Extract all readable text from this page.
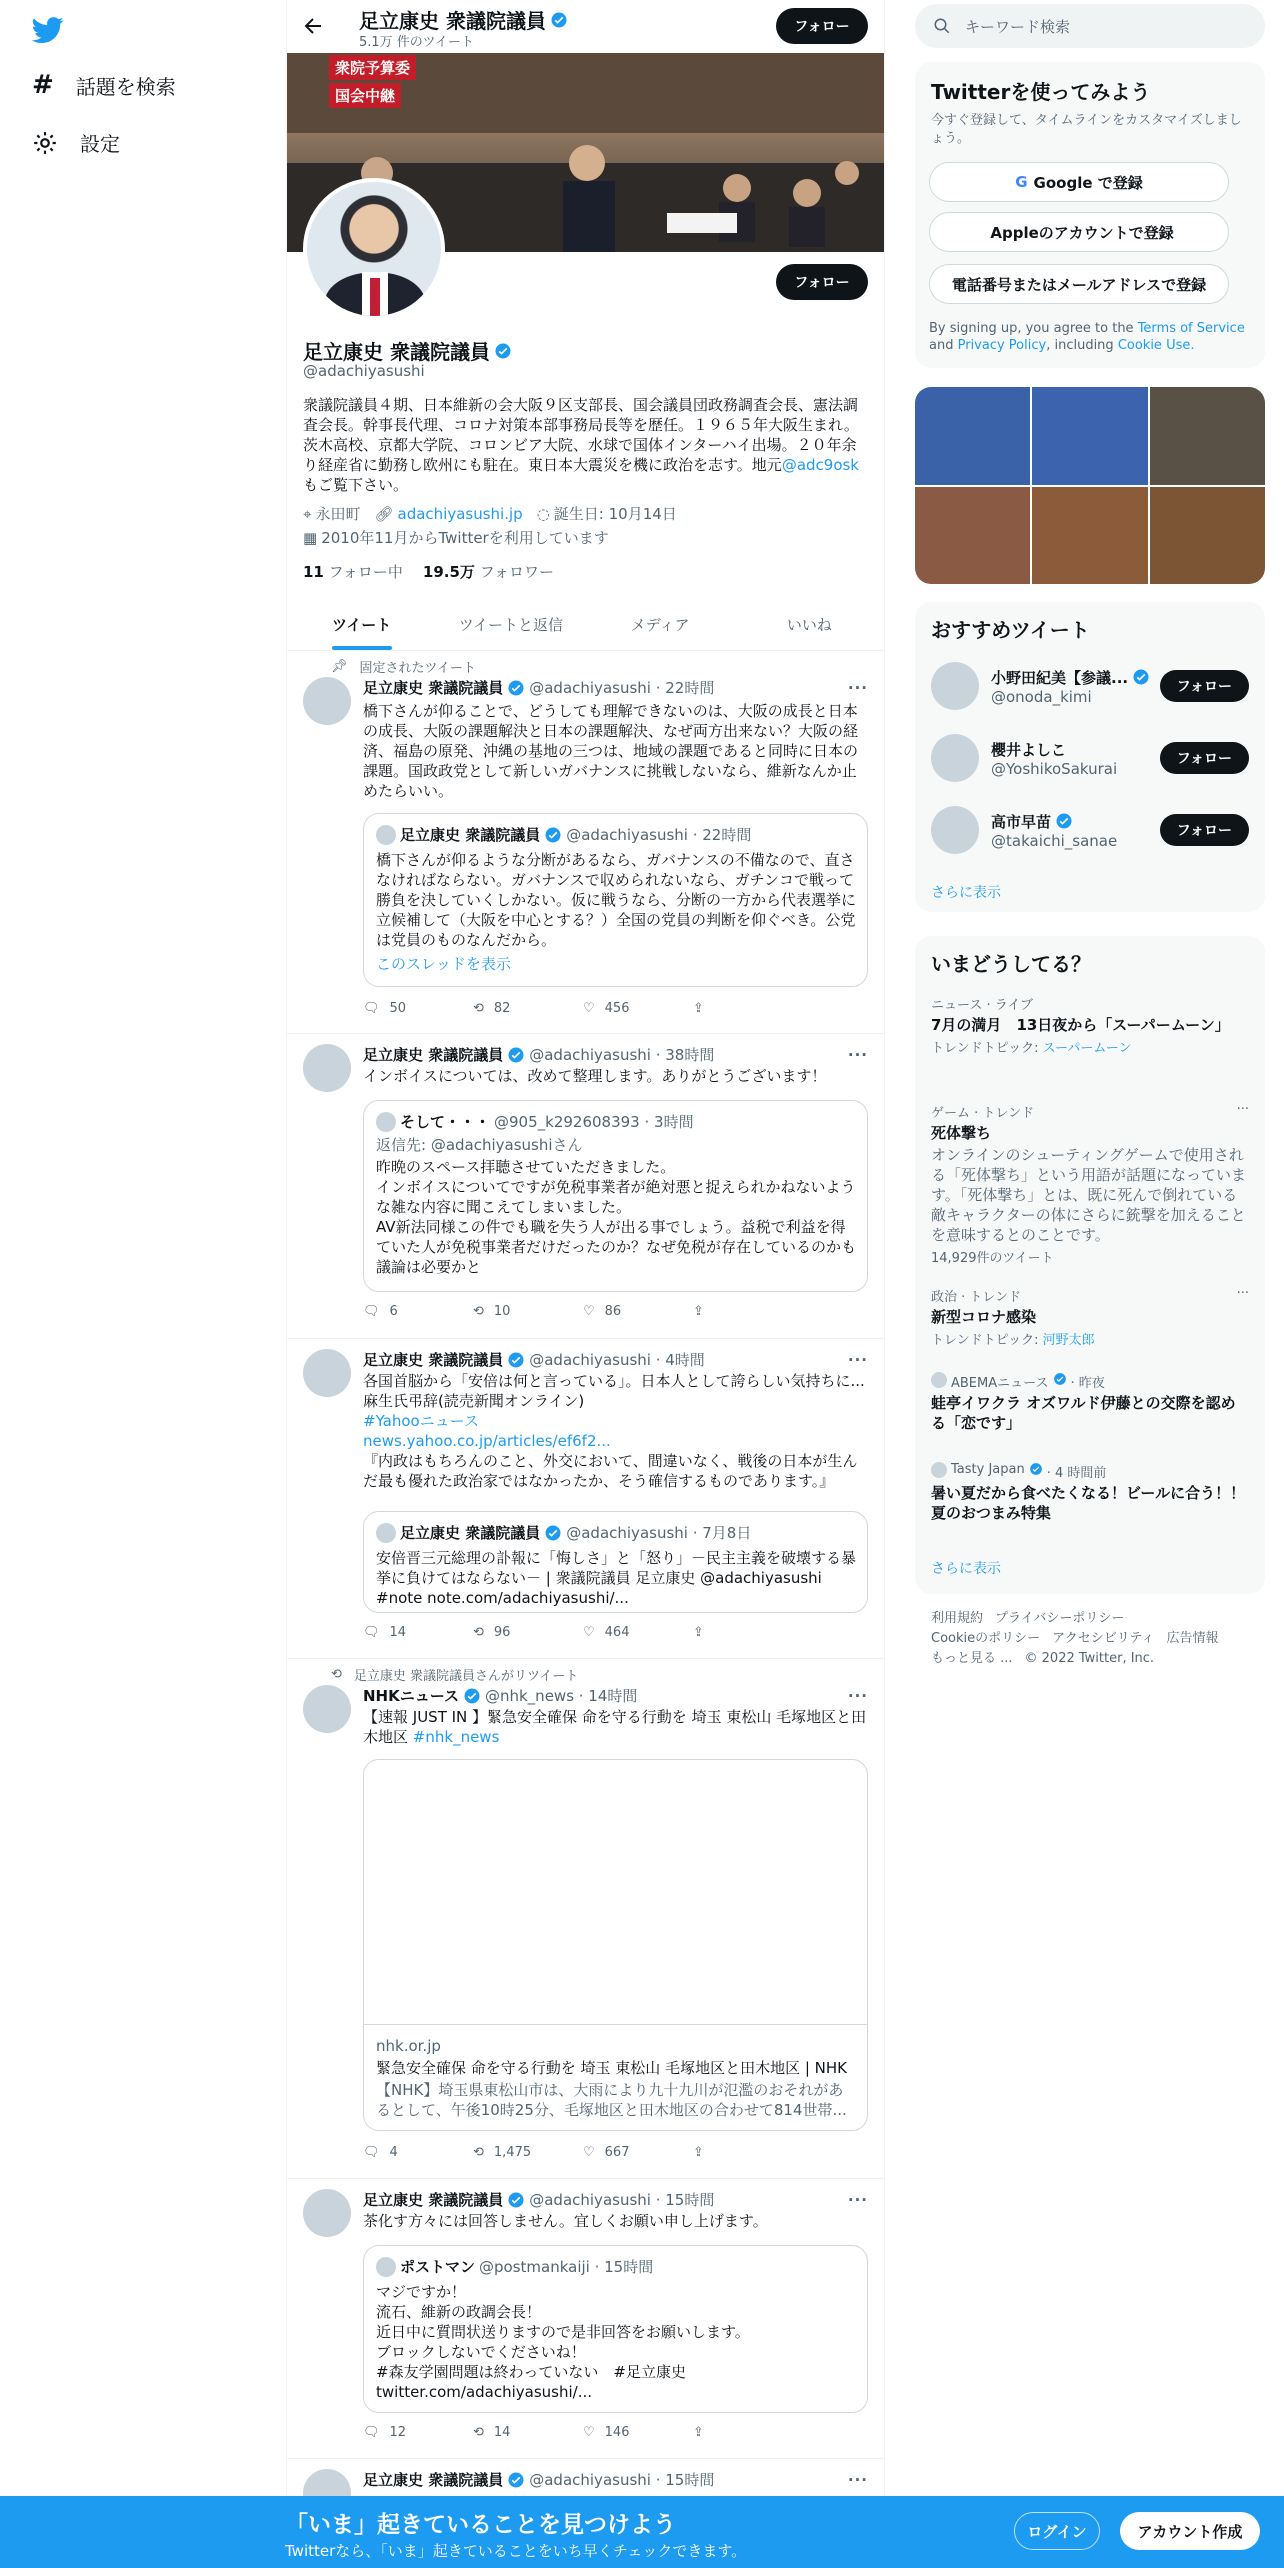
# 話題を検索
設定
足立康史 衆議院議員
5.1万 件のツイート
フォロー
衆院予算委
国会中継
フォロー
足立康史 衆議院議員
@adachiyasushi
衆議院議員４期、日本維新の会大阪９区支部長、国会議員団政務調査会長、憲法調査会長。幹事長代理、コロナ対策本部事務局長等を歴任。１９６５年大阪生まれ。茨木高校、京都大学院、コロンビア大院、水球で国体インターハイ出場。２０年余り経産省に勤務し欧州にも駐在。東日本大震災を機に政治を志す。地元@adc9osk
もご覧下さい。
⌖ 永田町 🔗︎ adachiyasushi.jp ◌ 誕生日: 10月14日
▦ 2010年11月からTwitterを利用しています
11 フォロー中 19.5万 フォロワー
ツイート	ツイートと返信	メディア	いいね
📌︎ 固定されたツイート
足立康史 衆議院議員 @adachiyasushi · 22時間	···
橋下さんが仰ることで、どうしても理解できないのは、大阪の成長と日本の成長、大阪の課題解決と日本の課題解決、なぜ両方出来ない？大阪の経済、福島の原発、沖縄の基地の三つは、地域の課題であると同時に日本の課題。国政政党として新しいガバナンスに挑戦しないなら、維新なんか止めたらいい。
足立康史 衆議院議員 @adachiyasushi · 22時間
橋下さんが仰るような分断があるなら、ガバナンスの不備なので、直さなければならない。ガバナンスで収められないなら、ガチンコで戦って勝負を決していくしかない。仮に戦うなら、分断の一方から代表選挙に立候補して（大阪を中心とする？）全国の党員の判断を仰ぐべき。公党は党員のものなんだから。
このスレッドを表示
🗨︎ 50	⟲ 82	♡ 456	⇪
足立康史 衆議院議員 @adachiyasushi · 38時間	···
インボイスについては、改めて整理します。ありがとうございます！
そして・・・ @905_k292608393 · 3時間
返信先: @adachiyasushiさん
昨晩のスペース拝聴させていただきました。
インボイスについてですが免税事業者が絶対悪と捉えられかねないような雑な内容に聞こえてしまいました。
AV新法同様この件でも職を失う人が出る事でしょう。益税で利益を得ていた人が免税事業者だけだったのか？なぜ免税が存在しているのかも議論は必要かと
🗨︎ 6	⟲ 10	♡ 86	⇪
足立康史 衆議院議員 @adachiyasushi · 4時間	···
各国首脳から「安倍は何と言っている」。日本人として誇らしい気持ちに...麻生氏弔辞(読売新聞オンライン)
#Yahooニュース
news.yahoo.co.jp/articles/ef6f2...
『内政はもちろんのこと、外交において、間違いなく、戦後の日本が生んだ最も優れた政治家ではなかったか、そう確信するものであります。』
足立康史 衆議院議員 @adachiyasushi · 7月8日
安倍晋三元総理の訃報に「悔しさ」と「怒り」－民主主義を破壊する暴挙に負けてはならない－ | 衆議院議員 足立康史 @adachiyasushi #note note.com/adachiyasushi/...
🗨︎ 14	⟲ 96	♡ 464	⇪
⟲ 足立康史 衆議院議員さんがリツイート
NHKニュース @nhk_news · 14時間	···
【速報 JUST IN 】緊急安全確保 命を守る行動を 埼玉 東松山 毛塚地区と田木地区 #nhk_news
nhk.or.jp
緊急安全確保 命を守る行動を 埼玉 東松山 毛塚地区と田木地区 | NHK
【NHK】埼玉県東松山市は、大雨により九十九川が氾濫のおそれがあるとして、午後10時25分、毛塚地区と田木地区の合わせて814世帯...
🗨︎ 4	⟲ 1,475	♡ 667	⇪
足立康史 衆議院議員 @adachiyasushi · 15時間	···
茶化す方々には回答しません。宜しくお願い申し上げます。
ポストマン @postmankaiji · 15時間
マジですか！
流石、維新の政調会長！
近日中に質問状送りますので是非回答をお願いします。
ブロックしないでくださいね！
#森友学園問題は終わっていない　#足立康史
twitter.com/adachiyasushi/...
🗨︎ 12	⟲ 14	♡ 146	⇪
足立康史 衆議院議員 @adachiyasushi · 15時間	···
キーワード検索
Twitterを使ってみよう
今すぐ登録して、タイムラインをカスタマイズしましょう。
G Google で登録
Appleのアカウントで登録
電話番号またはメールアドレスで登録
By signing up, you agree to the Terms of Service and Privacy Policy, including Cookie Use.
おすすめツイート
小野田紀美【参議...
@onoda_kimi
フォロー
櫻井よしこ
@YoshikoSakurai
フォロー
高市早苗
@takaichi_sanae
フォロー
さらに表示
いまどうしてる？
ニュース · ライブ
7月の満月　13日夜から「スーパームーン」
トレンドトピック: スーパームーン
ゲーム · トレンド	···
死体撃ち
オンラインのシューティングゲームで使用される「死体撃ち」という用語が話題になっています。「死体撃ち」とは、既に死んで倒れている敵キャラクターの体にさらに銃撃を加えることを意味するとのことです。
14,929件のツイート
政治 · トレンド	···
新型コロナ感染
トレンドトピック: 河野太郎
ABEMAニュース · 昨夜
蛙亭イワクラ オズワルド伊藤との交際を認める「恋です」
Tasty Japan · 4 時間前
暑い夏だから食べたくなる！ビールに合う！！夏のおつまみ特集
さらに表示
利用規約 プライバシーポリシー
Cookieのポリシー アクセシビリティ 広告情報
もっと見る ... © 2022 Twitter, Inc.
「いま」起きていることを見つけよう
Twitterなら、「いま」起きていることをいち早くチェックできます。
ログイン	アカウント作成
